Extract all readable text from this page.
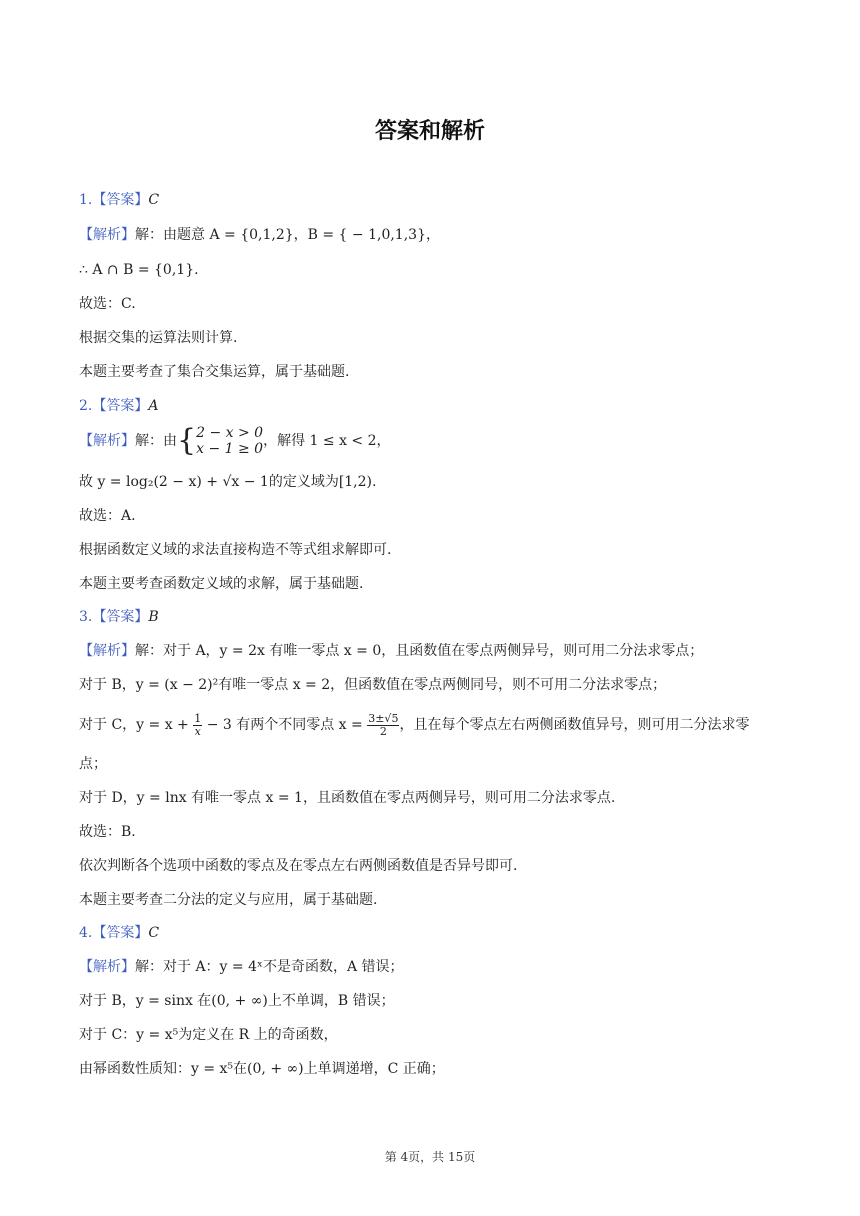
答案和解析
1.【答案】C
【解析】解：由题意 A = {0,1,2}，B = { − 1,0,1,3}，
∴ A ∩ B = {0,1}.
故选：C.
根据交集的运算法则计算.
本题主要考查了集合交集运算，属于基础题.
2.【答案】A
【解析】解：由{ 2 − x > 0
x − 1 ≥ 0 ，解得 1 ≤ x < 2，
故 y = log₂(2 − x) + √x − 1的定义域为[1,2).
故选：A.
根据函数定义域的求法直接构造不等式组求解即可.
本题主要考查函数定义域的求解，属于基础题.
3.【答案】B
【解析】解：对于 A，y = 2x 有唯一零点 x = 0，且函数值在零点两侧异号，则可用二分法求零点；
对于 B，y = (x − 2)²有唯一零点 x = 2，但函数值在零点两侧同号，则不可用二分法求零点；
对于 C，$y = x + \frac{1}{x} - 3$ 有两个不同零点 $x = \frac{3\pm√5}{2}$ ，且在每个零点左右两侧函数值异号，则可用二分法求零
点；
对于 D，y = lnx 有唯一零点 x = 1，且函数值在零点两侧异号，则可用二分法求零点.
故选：B.
依次判断各个选项中函数的零点及在零点左右两侧函数值是否异号即可.
本题主要考查二分法的定义与应用，属于基础题.
4.【答案】C
【解析】解：对于 A：y = 4ˣ不是奇函数，A 错误；
对于 B，y = sinx 在(0, + ∞)上不单调，B 错误；
对于 C：y = x⁵为定义在 R 上的奇函数，
由幂函数性质知：y = x⁵在(0, + ∞)上单调递增，C 正确；
第 4页，共 15页
